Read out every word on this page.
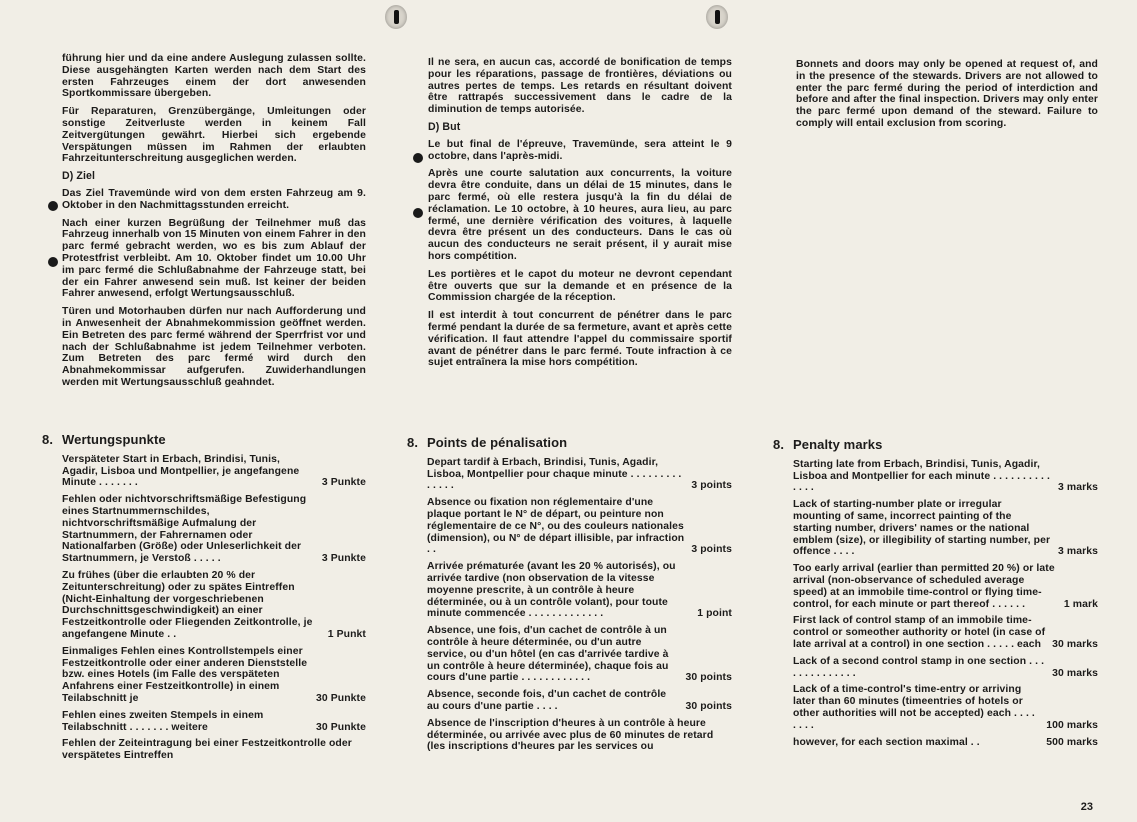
führung hier und da eine andere Auslegung zulassen sollte. Diese ausgehängten Karten werden nach dem Start des ersten Fahrzeuges einem der dort anwesenden Sportkommissare übergeben.

Für Reparaturen, Grenzübergänge, Umleitungen oder sonstige Zeitverluste werden in keinem Fall Zeitvergütungen gewährt. Hierbei sich ergebende Verspätungen müssen im Rahmen der erlaubten Fahrzeitunterschreitung ausgeglichen werden.

D) Ziel

Das Ziel Travemünde wird von dem ersten Fahrzeug am 9. Oktober in den Nachmittagsstunden erreicht.

Nach einer kurzen Begrüßung der Teilnehmer muß das Fahrzeug innerhalb von 15 Minuten von einem Fahrer in den parc fermé gebracht werden, wo es bis zum Ablauf der Protestfrist verbleibt. Am 10. Oktober findet um 10.00 Uhr im parc fermé die Schlußabnahme der Fahrzeuge statt, bei der ein Fahrer anwesend sein muß. Ist keiner der beiden Fahrer anwesend, erfolgt Wertungsausschluß.

Türen und Motorhauben dürfen nur nach Aufforderung und in Anwesenheit der Abnahmekommission geöffnet werden. Ein Betreten des parc fermé während der Sperrfrist vor und nach der Schlußabnahme ist jedem Teilnehmer verboten. Zum Betreten des parc fermé wird durch den Abnahmekommissar aufgerufen. Zuwiderhandlungen werden mit Wertungsausschluß geahndet.

8. Wertungspunkte
Verspäteter Start in Erbach, Brindisi, Tunis, Agadir, Lisboa und Montpellier, je angefangene Minute . . . . . . .	3 Punkte
Fehlen oder nichtvorschriftsmäßige Befestigung eines Startnummernschildes, nichtvorschriftsmäßige Aufmalung der Startnummern, der Fahrernamen oder Nationalfarben (Größe) oder Unleserlichkeit der Startnummern, je Verstoß . . . . .	3 Punkte
Zu frühes (über die erlaubten 20 % der Zeitunterschreitung) oder zu spätes Eintreffen (Nicht-Einhaltung der vorgeschriebenen Durchschnittsgeschwindigkeit) an einer Festzeitkontrolle oder Fliegenden Zeitkontrolle, je angefangene Minute . .	1 Punkt
Einmaliges Fehlen eines Kontrollstempels einer Festzeitkontrolle oder einer anderen Dienststelle bzw. eines Hotels (im Falle des verspäteten Anfahrens einer Festzeitkontrolle) in einem Teilabschnitt je	30 Punkte
Fehlen eines zweiten Stempels in einem Teilabschnitt . . . . . . . weitere	30 Punkte
Fehlen der Zeiteintragung bei einer Festzeitkontrolle oder verspätetes Eintreffen

Il ne sera, en aucun cas, accordé de bonification de temps pour les réparations, passage de frontières, déviations ou autres pertes de temps. Les retards en résultant doivent être rattrapés successivement dans le cadre de la diminution de temps autorisée.

D) But

Le but final de l'épreuve, Travemünde, sera atteint le 9 octobre, dans l'après-midi.

Après une courte salutation aux concurrents, la voiture devra être conduite, dans un délai de 15 minutes, dans le parc fermé, où elle restera jusqu'à la fin du délai de réclamation. Le 10 octobre, à 10 heures, aura lieu, au parc fermé, une dernière vérification des voitures, à laquelle devra être présent un des conducteurs. Dans le cas où aucun des conducteurs ne serait présent, il y aurait mise hors compétition.

Les portières et le capot du moteur ne devront cependant être ouverts que sur la demande et en présence de la Commission chargée de la réception.

Il est interdit à tout concurrent de pénétrer dans le parc fermé pendant la durée de sa fermeture, avant et après cette vérification. Il faut attendre l'appel du commissaire sportif avant de pénétrer dans le parc fermé. Toute infraction à ce sujet entraînera la mise hors compétition.

8. Points de pénalisation
Depart tardif à Erbach, Brindisi, Tunis, Agadir, Lisboa, Montpellier pour chaque minute . . . . . . . . . . . . . .	3 points
Absence ou fixation non réglementaire d'une plaque portant le N° de départ, ou peinture non réglementaire de ce N°, ou des couleurs nationales (dimension), ou N° de départ illisible, par infraction . .	3 points
Arrivée prématurée (avant les 20 % autorisés), ou arrivée tardive (non observation de la vitesse moyenne prescrite, à un contrôle à heure déterminée, ou à un contrôle volant), pour toute minute commencée . . . . . . . . . . . . .	1 point
Absence, une fois, d'un cachet de contrôle à un contrôle à heure déterminée, ou d'un autre service, ou d'un hôtel (en cas d'arrivée tardive à un contrôle à heure déterminée), chaque fois au cours d'une partie . . . . . . . . . . . .	30 points
Absence, seconde fois, d'un cachet de contrôle au cours d'une partie . . . .	30 points
Absence de l'inscription d'heures à un contrôle à heure déterminée, ou arrivée avec plus de 60 minutes de retard (les inscriptions d'heures par les services ou

Bonnets and doors may only be opened at request of, and in the presence of the stewards. Drivers are not allowed to enter the parc fermé during the period of interdiction and before and after the final inspection. Drivers may only enter the parc fermé upon demand of the steward. Failure to comply will entail exclusion from scoring.

8. Penalty marks
Starting late from Erbach, Brindisi, Tunis, Agadir, Lisboa and Montpellier for each minute . . . . . . . . . . . . . .	3 marks
Lack of starting-number plate or irregular mounting of same, incorrect painting of the starting number, drivers' names or the national emblem (size), or illegibility of starting number, per offence . . . .	3 marks
Too early arrival (earlier than permitted 20 %) or late arrival (non-observance of scheduled average speed) at an immobile time-control or flying time-control, for each minute or part thereof . . . . . .	1 mark
First lack of control stamp of an immobile time-control or someother authority or hotel (in case of late arrival at a control) in one section . . . . . each	30 marks
Lack of a second control stamp in one section . . . . . . . . . . . . . .	30 marks
Lack of a time-control's time-entry or arriving later than 60 minutes (timeentries of hotels or other authorities will not be accepted) each . . . . . . . .	100 marks
however, for each section maximal . .	500 marks
23
